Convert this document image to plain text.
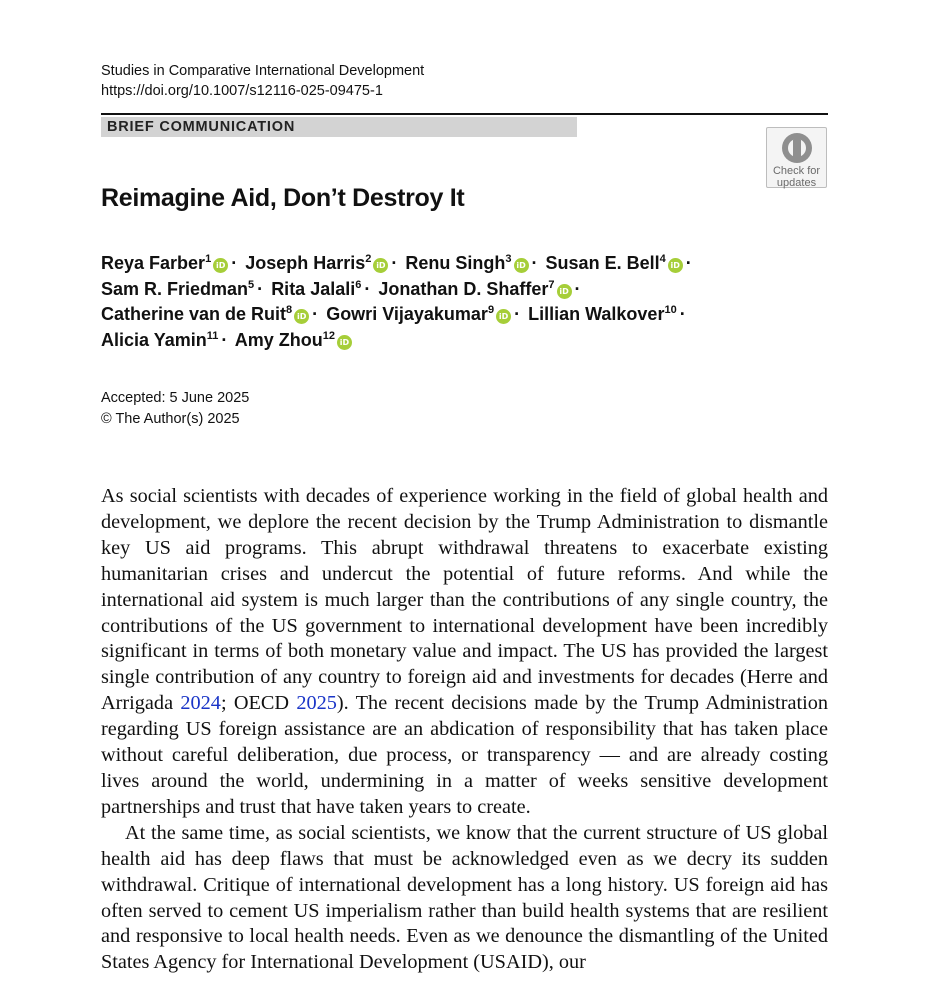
Studies in Comparative International Development
https://doi.org/10.1007/s12116-025-09475-1
BRIEF COMMUNICATION
Check for
updates
Reimagine Aid, Don’t Destroy It
Reya Farber$^1$iD · Joseph Harris$^2$iD · Renu Singh$^3$iD · Susan E. Bell$^4$iD ·
Sam R. Friedman$^5$ · Rita Jalali$^6$ · Jonathan D. Shaffer$^7$iD ·
Catherine van de Ruit$^8$iD · Gowri Vijayakumar$^9$iD · Lillian Walkover$^{10}$ ·
Alicia Yamin$^{11}$ · Amy Zhou$^{12}$iD
Accepted: 5 June 2025
© The Author(s) 2025

As social scientists with decades of experience working in the field of global health and development, we deplore the recent decision by the Trump Administration to dismantle key US aid programs. This abrupt withdrawal threatens to exacerbate existing humanitarian crises and undercut the potential of future reforms. And while the international aid system is much larger than the contributions of any single country, the contributions of the US government to international development have been incredibly significant in terms of both monetary value and impact. The US has provided the largest single contribution of any country to foreign aid and investments for decades (Herre and Arrigada 2024; OECD 2025). The recent decisions made by the Trump Administration regarding US foreign assistance are an abdication of responsibility that has taken place without careful deliberation, due process, or transparency — and are already costing lives around the world, undermining in a matter of weeks sensitive development partnerships and trust that have taken years to create.

At the same time, as social scientists, we know that the current structure of US global health aid has deep flaws that must be acknowledged even as we decry its sudden withdrawal. Critique of international development has a long history. US foreign aid has often served to cement US imperialism rather than build health systems that are resilient and responsive to local health needs. Even as we denounce the dismantling of the United States Agency for International Development (USAID), our
